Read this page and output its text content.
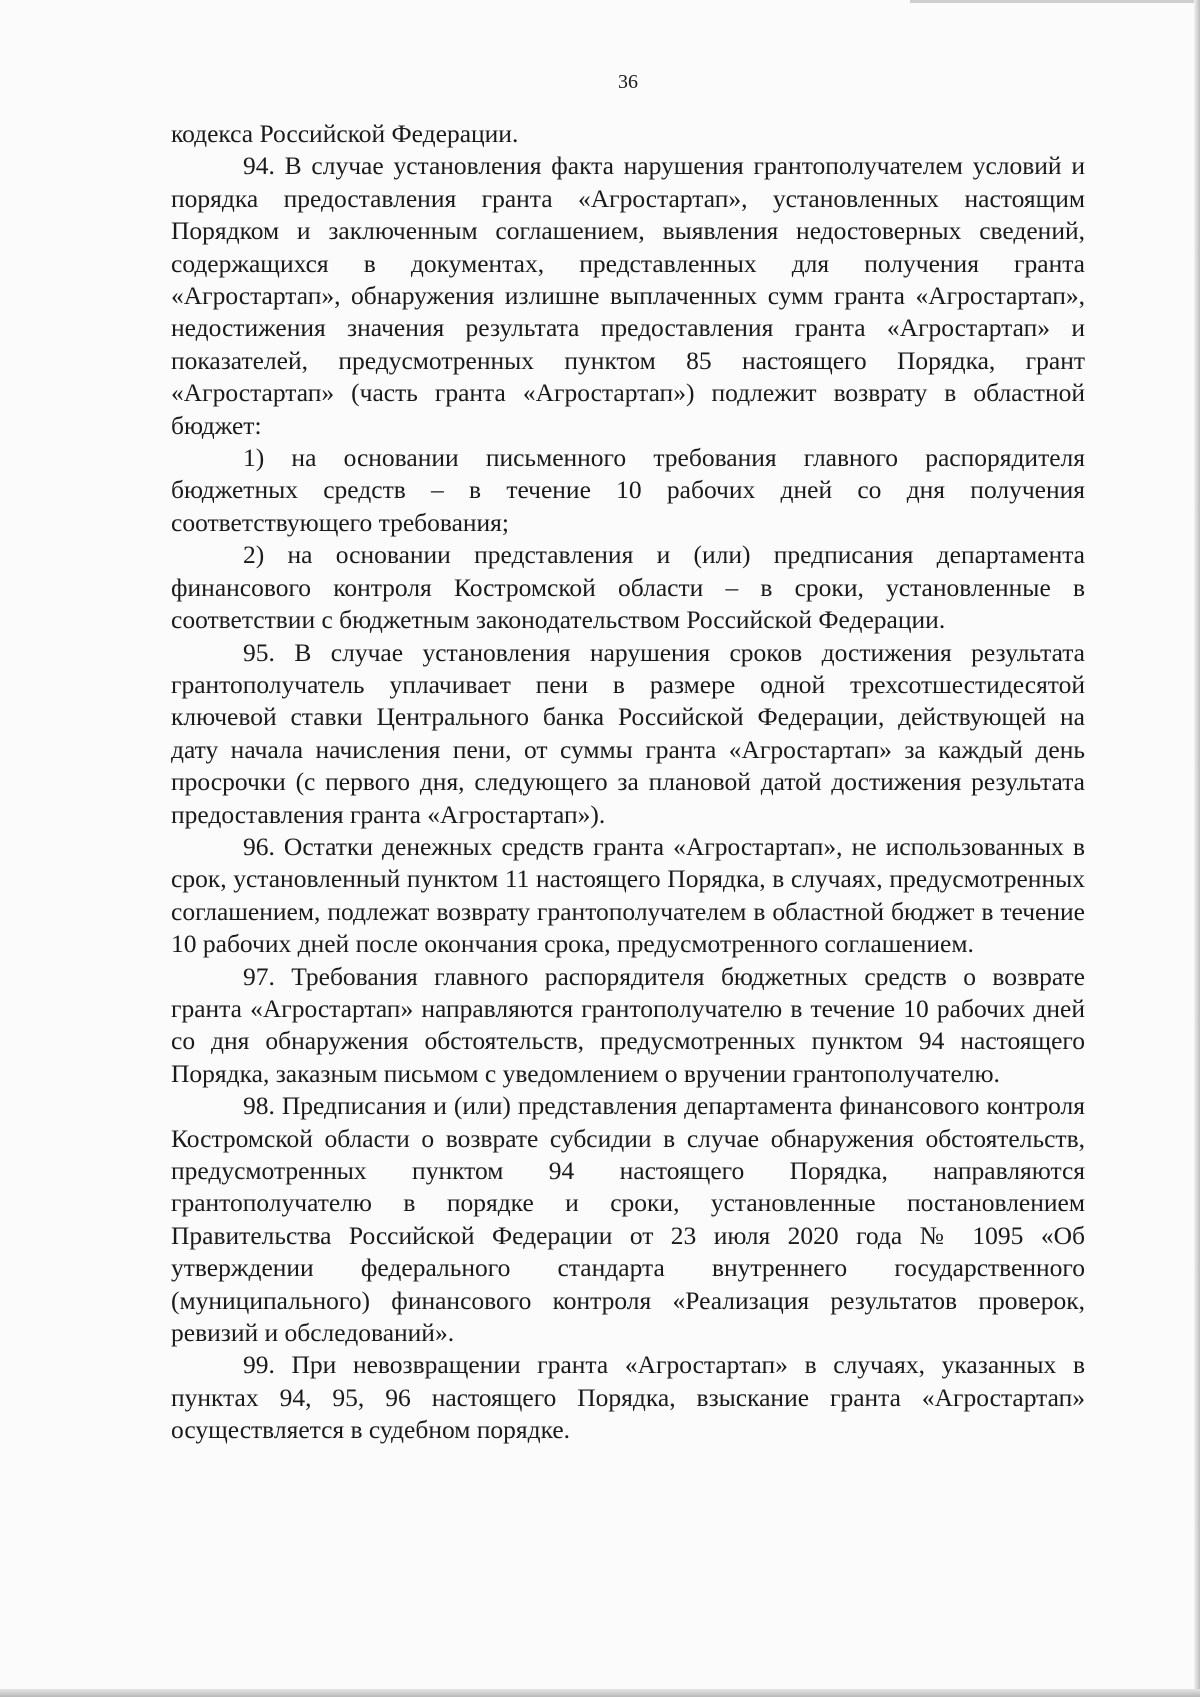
36

кодекса Российской Федерации.

94. В случае установления факта нарушения грантополучателем условий и порядка предоставления гранта «Агростартап», установленных настоящим Порядком и заключенным соглашением, выявления недостоверных сведений, содержащихся в документах, представленных для получения гранта «Агростартап», обнаружения излишне выплаченных сумм гранта «Агростартап», недостижения значения результата предоставления гранта «Агростартап» и показателей, предусмотренных пунктом 85 настоящего Порядка, грант «Агростартап» (часть гранта «Агростартап») подлежит возврату в областной бюджет:

1) на основании письменного требования главного распорядителя бюджетных средств – в течение 10 рабочих дней со дня получения соответствующего требования;

2) на основании представления и (или) предписания департамента финансового контроля Костромской области – в сроки, установленные в соответствии с бюджетным законодательством Российской Федерации.

95. В случае установления нарушения сроков достижения результата грантополучатель уплачивает пени в размере одной трехсотшестидесятой ключевой ставки Центрального банка Российской Федерации, действующей на дату начала начисления пени, от суммы гранта «Агростартап» за каждый день просрочки (с первого дня, следующего за плановой датой достижения результата предоставления гранта «Агростартап»).

96. Остатки денежных средств гранта «Агростартап», не использованных в срок, установленный пунктом 11 настоящего Порядка, в случаях, предусмотренных соглашением, подлежат возврату грантополучателем в областной бюджет в течение 10 рабочих дней после окончания срока, предусмотренного соглашением.

97. Требования главного распорядителя бюджетных средств о возврате гранта «Агростартап» направляются грантополучателю в течение 10 рабочих дней со дня обнаружения обстоятельств, предусмотренных пунктом 94 настоящего Порядка, заказным письмом с уведомлением о вручении грантополучателю.

98. Предписания и (или) представления департамента финансового контроля Костромской области о возврате субсидии в случае обнаружения обстоятельств, предусмотренных пунктом 94 настоящего Порядка, направляются грантополучателю в порядке и сроки, установленные постановлением Правительства Российской Федерации от 23 июля 2020 года № 1095 «Об утверждении федерального стандарта внутреннего государственного (муниципального) финансового контроля «Реализация результатов проверок, ревизий и обследований».

99. При невозвращении гранта «Агростартап» в случаях, указанных в пунктах 94, 95, 96 настоящего Порядка, взыскание гранта «Агростартап» осуществляется в судебном порядке.
